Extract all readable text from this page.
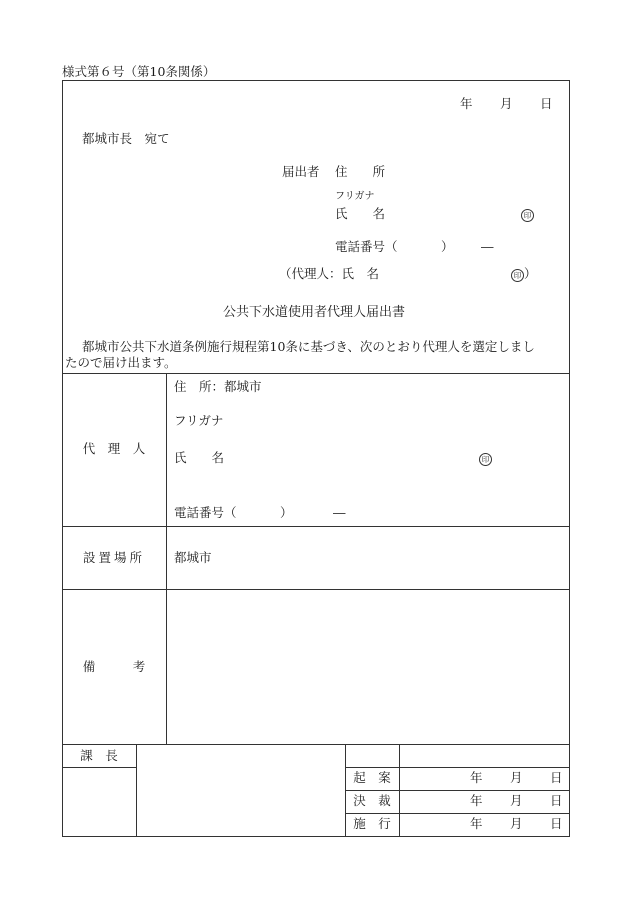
様式第６号（第10条関係）
年 月 日
都城市長　宛て
届出者 住　　所
フリガナ
氏　　名	印
電話番号（	） ―
（代理人：氏　名	印 ）
公共下水道使用者代理人届出書
都城市公共下水道条例施行規程第10条に基づき、次のとおり代理人を選定しまし
たので届け出ます。
代　理　人
住　所：都城市
フリガナ
氏　　名	印
電話番号（	）	―
設置場所	都城市
備　　　考
課　長
起　案	年 月 日
決　裁	年 月 日
施　行	年 月 日
